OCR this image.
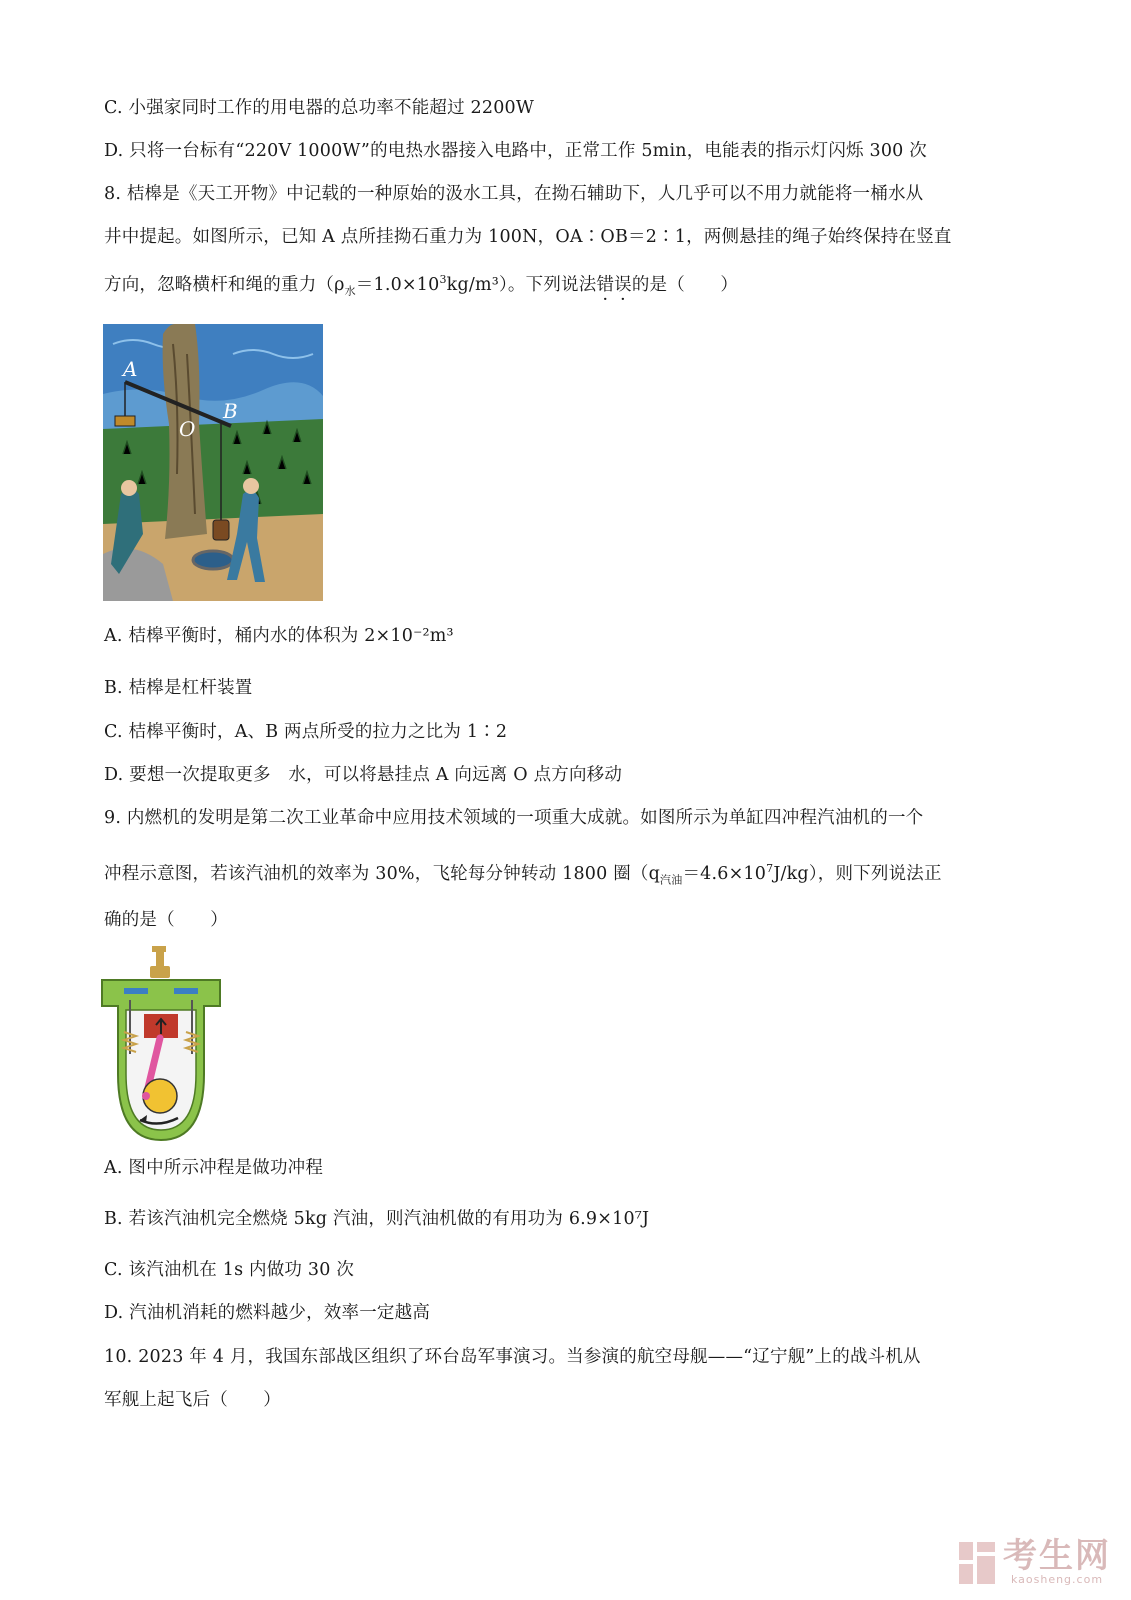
C. 小强家同时工作的用电器的总功率不能超过 2200W
D. 只将一台标有“220V 1000W”的电热水器接入电路中，正常工作 5min，电能表的指示灯闪烁 300 次
8. 桔槔是《天工开物》中记载的一种原始的汲水工具，在拗石辅助下，人几乎可以不用力就能将一桶水从
井中提起。如图所示，已知 A 点所挂拗石重力为 100N，OA∶OB＝2∶1，两侧悬挂的绳子始终保持在竖直
方向，忽略横杆和绳的重力$(\rho_水=1.0\times 10^3kg/m^3)$。下列说法错误的是（　　）
A
B
O
A. 桔槔平衡时，桶内水的体积为 2×10⁻²m³
B. 桔槔是杠杆装置
C. 桔槔平衡时，A、B 两点所受的拉力之比为 1∶2
D. 要想一次提取更多　水，可以将悬挂点 A 向远离 O 点方向移动
9. 内燃机的发明是第二次工业革命中应用技术领域的一项重大成就。如图所示为单缸四冲程汽油机的一个
冲程示意图，若该汽油机的效率为 30%，飞轮每分钟转动 1800 圈$(q_{汽油}=4.6\times 10^7J/kg)$，则下列说法正
确的是（　　）
A. 图中所示冲程是做功冲程
B. 若该汽油机完全燃烧 5kg 汽油，则汽油机做的有用功为 6.9×10⁷J
C. 该汽油机在 1s 内做功 30 次
D. 汽油机消耗的燃料越少，效率一定越高
10. 2023 年 4 月，我国东部战区组织了环台岛军事演习。当参演的航空母舰——“辽宁舰”上的战斗机从
军舰上起飞后（　　）
考生网
kaosheng.com
